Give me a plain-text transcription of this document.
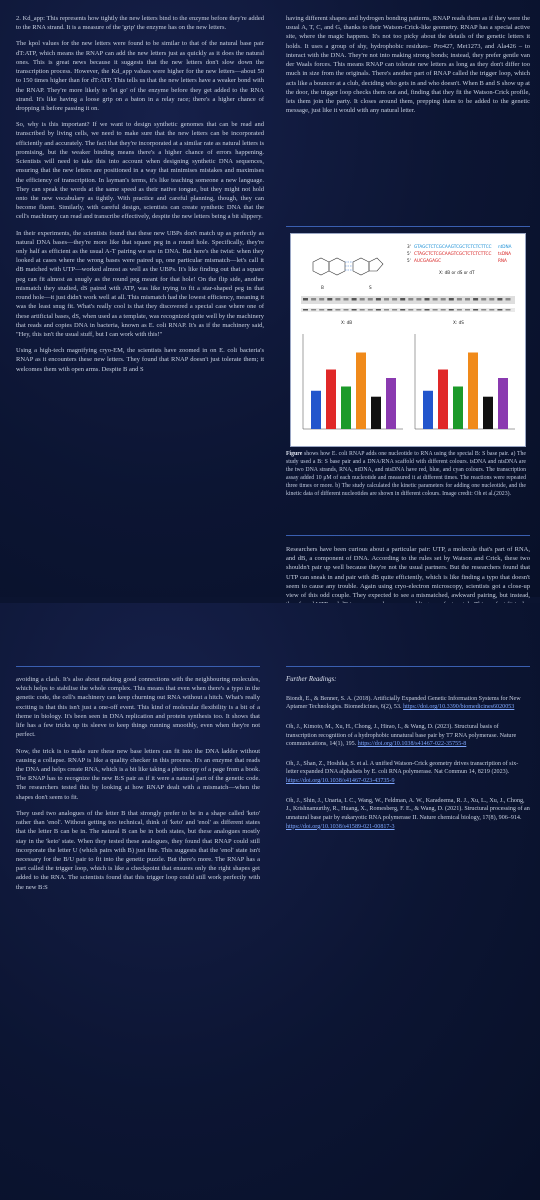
2. Kd_app: This represents how tightly the new letters bind to the enzyme before they're added to the RNA strand. It is a measure of the 'grip' the enzyme has on the new letters.

The kpol values for the new letters were found to be similar to that of the natural base pair dT:ATP, which means the RNAP can add the new letters just as quickly as it does the natural ones. This is great news because it suggests that the new letters don't slow down the transcription process. However, the Kd_app values were higher for the new letters—about 50 to 150 times higher than for dT:ATP. This tells us that the new letters have a weaker bond with the RNAP. They're more likely to 'let go' of the enzyme before they get added to the RNA strand. It's like having a loose grip on a baton in a relay race; there's a higher chance of dropping it before passing it on.

So, why is this important? If we want to design synthetic genomes that can be read and transcribed by living cells, we need to make sure that the new letters can be incorporated efficiently and accurately. The fact that they're incorporated at a similar rate as natural letters is promising, but the weaker binding means there's a higher chance of errors happening. Scientists will need to take this into account when designing synthetic DNA sequences, ensuring that the new letters are positioned in a way that minimises mistakes and maximises the efficiency of transcription. In layman's terms, it's like teaching someone a new language. They can speak the words at the same speed as their native tongue, but they might not hold onto the new vocabulary as tightly. With practice and careful planning, though, they can become fluent. Similarly, with careful design, scientists can create synthetic DNA that the cell's machinery can read and transcribe effectively, despite the new letters being a bit slippery.

In their experiments, the scientists found that these new UBPs don't match up as perfectly as natural DNA bases—they're more like that square peg in a round hole. Specifically, they're only half as efficient as the usual A-T pairing we see in DNA. But here's the twist: when they looked at cases where the wrong bases were paired up, one particular mismatch—let's call it dB matched with UTP—worked almost as well as the UBPs. It's like finding out that a square peg can fit almost as snugly as the round peg meant for that hole! On the flip side, another mismatch they studied, dS paired with ATP, was like trying to fit a star-shaped peg in that round hole—it just didn't work well at all. This mismatch had the lowest efficiency, meaning it was the least snug fit. What's really cool is that they discovered a special case where one of these artificial bases, dS, when used as a template, was recognized quite well by the machinery that reads and copies DNA in bacteria, known as E. coli RNAP. It's as if the machinery said, "Hey, this isn't the usual stuff, but I can work with this!"

Using a high-tech magnifying cryo-EM, the scientists have zoomed in on E. coli bacteria's RNAP as it encounters these new letters. They found that RNAP doesn't just tolerate them; it welcomes them with open arms. Despite B and S

having different shapes and hydrogen bonding patterns, RNAP reads them as if they were the usual A, T, C, and G, thanks to their Watson-Crick-like geometry. RNAP has a special active site, where the magic happens. It's not too picky about the details of the genetic letters it holds. It uses a group of shy, hydrophobic residues– Pro427, Met1273, and Ala426 – to interact with the DNA. They're not into making strong bonds; instead, they prefer gentle van der Waals forces. This means RNAP can tolerate new letters as long as they don't differ too much in size from the originals. There's another part of RNAP called the trigger loop, which acts like a bouncer at a club, deciding who gets in and who doesn't. When B and S show up at the door, the trigger loop checks them out and, finding that they fit the Watson-Crick profile, lets them join the party. It closes around them, prepping them to be added to the genetic message, just like it would with any natural letter.

B	S
3' GTAGCTCTCGCAAGTCGCTCTCTCTTCC ntDNA
5' CTAGCTCTCGCAAGTCGCTCTCTCTTCC tsDNA
5' AUCGAGAGC	RNA
X: dB or dS or dT
X: dB	X: dS
Figure shows how E. coli RNAP adds one nucleotide to RNA using the special B: S base pair. a) The study used a B: S base pair and a DNA/RNA scaffold with different colours. tsDNA and ntsDNA are the two DNA strands, RNA, ntDNA, and ntsDNA have red, blue, and cyan colours. The transcription assay added 10 μM of each nucleotide and measured it at different times. The reactions were repeated three times or more. b) The study calculated the kinetic parameters for adding one nucleotide, and the kinetic data of different nucleotides are shown in different colours. Image credit: Oh et al.(2023).

Researchers have been curious about a particular pair: UTP, a molecule that's part of RNA, and dB, a component of DNA. According to the rules set by Watson and Crick, these two shouldn't pair up well because they're not the usual partners. But the researchers found that UTP can sneak in and pair with dB quite efficiently, which is like finding a typo that doesn't seem to cause any trouble. Again using cryo-electron microscopy, scientists got a close-up view of this odd couple. They expected to see a mismatched, awkward pairing, but instead,

avoiding a clash. It's also about making good connections with the neighbouring molecules, which helps to stabilise the whole complex. This means that even when there's a typo in the genetic code, the cell's machinery can keep churning out RNA without a hitch. What's really exciting is that this isn't just a one-off event. This kind of molecular flexibility is a bit of a theme in biology. It's been seen in DNA replication and protein synthesis too. It shows that life has a few tricks up its sleeve to keep things running smoothly, even when they're not perfect.

Now, the trick is to make sure these new base letters can fit into the DNA ladder without causing a collapse. RNAP is like a quality checker in this process. It's an enzyme that reads the DNA and helps create RNA, which is a bit like taking a photocopy of a page from a book. The RNAP has to recognize the new B:S pair as if it were a natural part of the genetic code. The researchers tested this by looking at how RNAP dealt with a mismatch—when the shapes don't seem to fit.

They used two analogues of the letter B that strongly prefer to be in a shape called 'keto' rather than 'enol'. Without getting too technical, think of 'keto' and 'enol' as different states that the letter B can be in. The natural B can be in both states, but these analogues mostly stay in the 'keto' state. When they tested these analogues, they found that RNAP could still incorporate the letter U (which pairs with B) just fine. This suggests that the 'enol' state isn't necessary for the B/U pair to fit into the genetic puzzle. But there's more. The RNAP has a part called the trigger loop, which is like a checkpoint that ensures only the right shapes get added to the RNA. The scientists found that this trigger loop could still work perfectly with the new B:S

Further Readings:
Biondi, E., & Benner, S. A. (2018). Artificially Expanded Genetic Information Systems for New Aptamer Technologies. Biomedicines, 6(2), 53. https://doi.org/10.3390/biomedicines6020053
Oh, J., Kimoto, M., Xu, H., Chong, J., Hirao, I., & Wang, D. (2023). Structural basis of transcription recognition of a hydrophobic unnatural base pair by T7 RNA polymerase. Nature communications, 14(1), 195. https://doi.org/10.1038/s41467-022-35755-8
Oh, J., Shan, Z., Hoshika, S. et al. A unified Watson-Crick geometry drives transcription of six-letter expanded DNA alphabets by E. coli RNA polymerase. Nat Commun 14, 8219 (2023). https://doi.org/10.1038/s41467-023-43735-9
Oh, J., Shin, J., Unarta, I. C., Wang, W., Feldman, A. W., Karadeema, R. J., Xu, L., Xu, J., Chong, J., Krishnamurthy, R., Huang, X., Romesberg, F. E., & Wang, D. (2021). Structural processing of an unnatural base pair by eukaryotic RNA polymerase II. Nature chemical biology, 17(8), 906–914. https://doi.org/10.1038/s41589-021-00817-3
